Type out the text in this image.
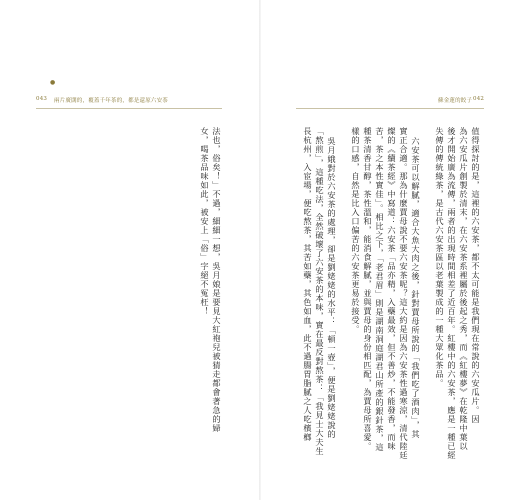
●
043 兩片廣闊的，覆蓋千年茶的，都是還原六安茶	蘇金蓮的餃子 042
值得探討的是，這裡的六安茶，都不太可能是我們現在常說的六安瓜片。因
為六安瓜片創製於清末，在六安茶系裡屬於後起之秀，而《紅樓夢》在乾隆中葉以
後才開始廣為流傳，兩者的出現時間相差了近百年。紅樓中的六安茶，應是一種已經
失傳的傳統綠茶，是古代六安茶區以老葉製成的一種大眾化茶品。
六安茶可以解膩，適合大魚大肉之後，針對賈母所說的「我們吃了酒肉」，其
實正合適。那為什麼賈母說不要六安茶呢？這大約是因為六安茶性過寒涼，清代陸廷
燦的《續茶經》中寫道：六安茶「品亦精，入藥最效，但不善炒，不能發香，而味
苦，茶之本性實佳」。相比之下，「老君眉」則是湖南洞庭湖君山所產的銀針茶，這
種茶清香甘醇，茶性溫和，能消食解膩，並與賈母的身份相匹配，為賈母所喜愛。
樣的口感，自然是比入口偏苦的六安茶更易於接受。
吳月娥對於六安茶的處理，卻是劉姥姥的水平：「頓一壺」，便是劉姥姥說的
「熬煎」，這種吃法，全然破壞了六安茶的本味，實在最反對熬茶：「我見士大夫生
長杭州，入宦場，便吃熬茶，其苦如藥，其色如血，此不過腸胃脂膩之人吃檳榔
法也，俗矣！」不過，細細一想，吳月娘是要見大紅袍兒被猜走都會著急的婦
女，喝茶品味如此，被安上「俗」字絕不冤枉！
